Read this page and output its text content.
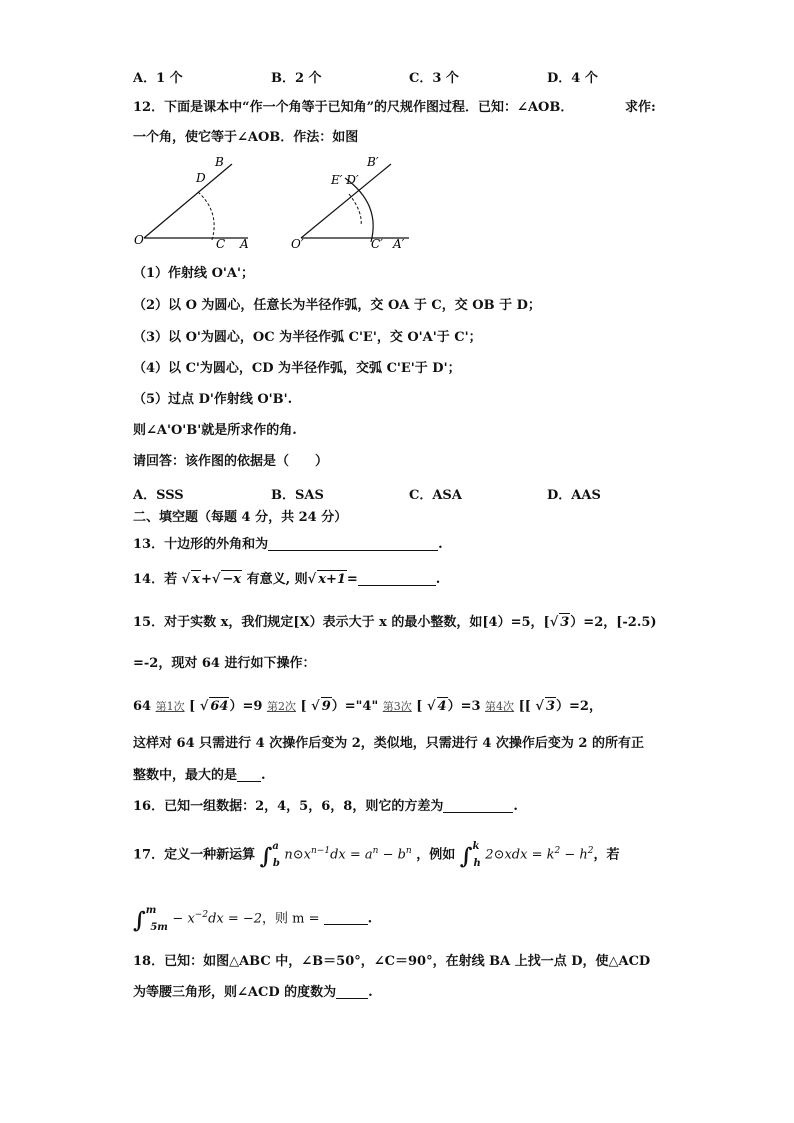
A．1 个	B．2 个	C．3 个	D．4 个
12．下面是课本中“作一个角等于已知角”的尺规作图过程．已知：∠AOB．	求作:
一个角，使它等于∠AOB．作法：如图
O
B
D
C A	O′
B′
E′ D′
C′ A′
（1）作射线 O'A'；
（2）以 O 为圆心，任意长为半径作弧，交 OA 于 C，交 OB 于 D；
（3）以 O'为圆心，OC 为半径作弧 C'E'，交 O'A'于 C'；
（4）以 C'为圆心，CD 为半径作弧，交弧 C'E'于 D'；
（5）过点 D'作射线 O'B'.
则∠A'O'B'就是所求作的角.
请回答：该作图的依据是（　　）
A．SSS	B．SAS	C．ASA	D．AAS
二、填空题（每题 4 分，共 24 分）
13．十边形的外角和为	.
14．若 √ x+√ −x 有意义, 则√ x+1=	.
15．对于实数 x，我们规定[X）表示大于 x 的最小整数，如[4）=5，[√ 3）=2，[-2.5)
=-2，现对 64 进行如下操作：
64 第1次 [ √ 64）=9 第2次 [ √ 9）="4" 第3次 [ √ 4）=3 第4次 [[ √ 3）=2，
这样对 64 只需进行 4 次操作后变为 2，类似地，只需进行 4 次操作后变为 2 的所有正
整数中，最大的是 .
16．已知一组数据：2，4，5，6，8，则它的方差为	.
17．定义一种新运算 ∫$^a_b$ $n⊙x^{n-1}dx = a^n - b^n$ ，例如 ∫$^k_h$ 2⊙xdx = $k^2 - h^2$，若
$\int^m_{5m} - x^{-2}dx = -2$，则 m =	.
18．已知：如图△ABC 中，∠B＝50°，∠C＝90°，在射线 BA 上找一点 D，使△ACD
为等腰三角形，则∠ACD 的度数为 .
